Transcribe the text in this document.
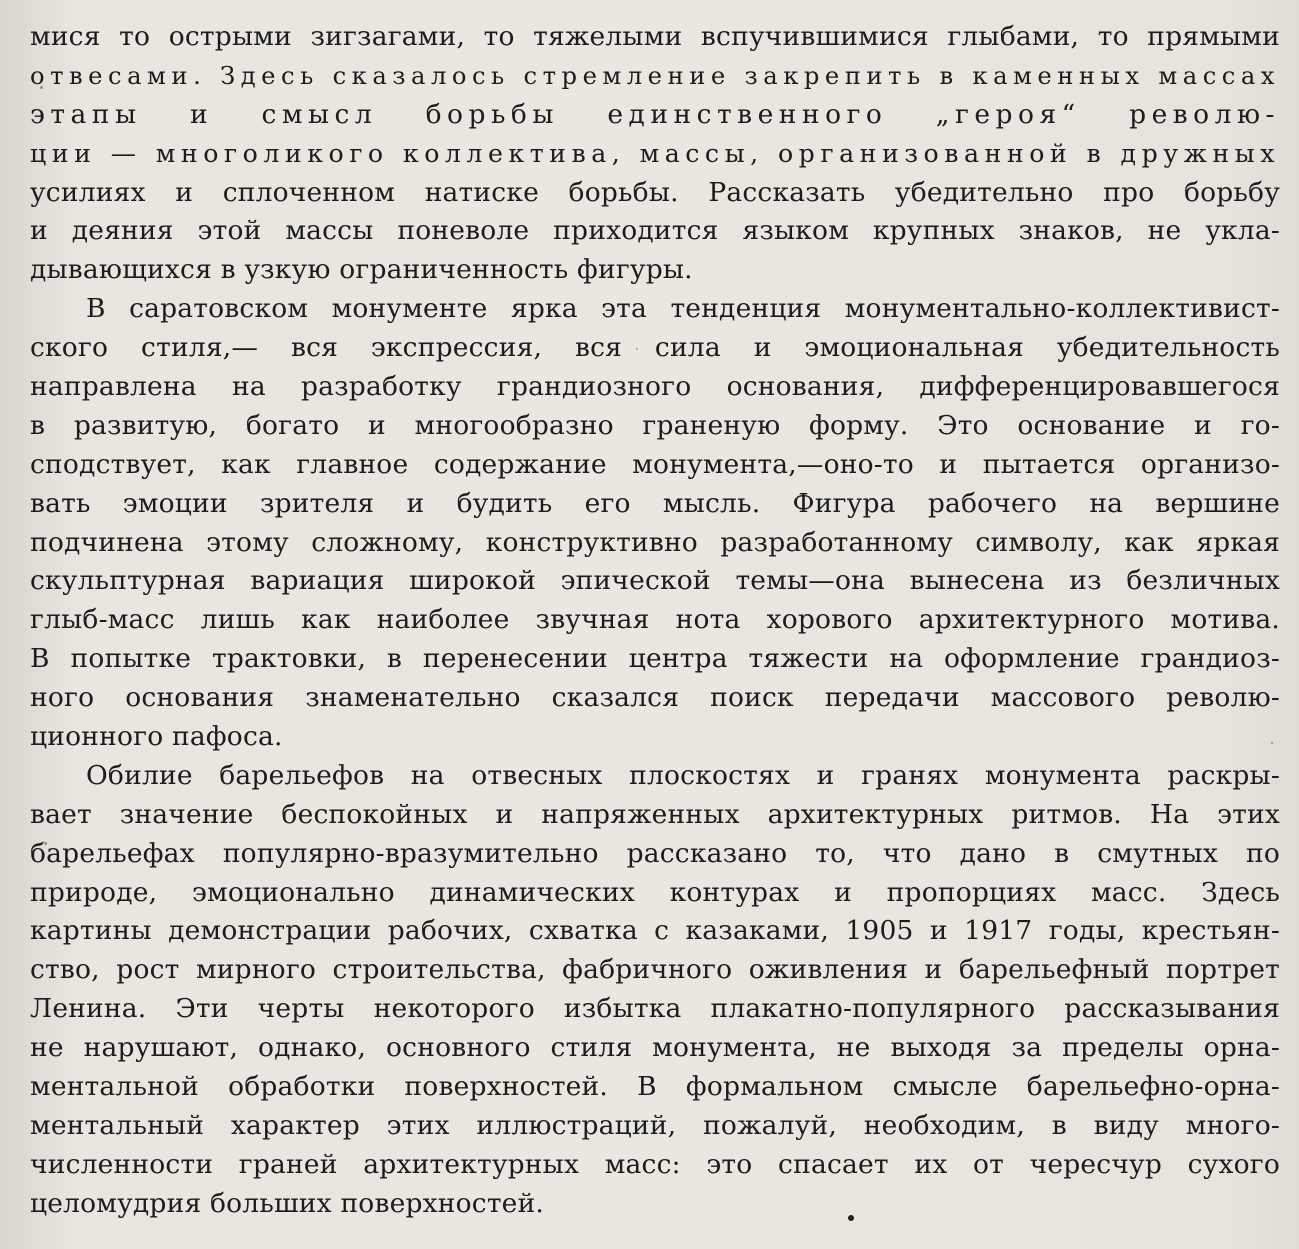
мися то острыми зигзагами, то тяжелыми вспучившимися глыбами, то прямыми
отвесами. Здесь сказалось стремление закрепить в каменных массах
этапы и смысл борьбы единственного „героя“ револю-
ции — многоликого коллектива, массы, организованной в дружных
усилиях и сплоченном натиске борьбы. Рассказать убедительно про борьбу
и деяния этой массы поневоле приходится языком крупных знаков, не укла-
дывающихся в узкую ограниченность фигуры.
В саратовском монументе ярка эта тенденция монументально-коллективист-
ского стиля,— вся экспрессия, вся сила и эмоциональная убедительность
направлена на разработку грандиозного основания, дифференцировавшегося
в развитую, богато и многообразно граненую форму. Это основание и го-
сподствует, как главное содержание монумента,—оно-то и пытается организо-
вать эмоции зрителя и будить его мысль. Фигура рабочего на вершине
подчинена этому сложному, конструктивно разработанному символу, как яркая
скульптурная вариация широкой эпической темы—она вынесена из безличных
глыб-масс лишь как наиболее звучная нота хорового архитектурного мотива.
В попытке трактовки, в перенесении центра тяжести на оформление грандиоз-
ного основания знаменательно сказался поиск передачи массового револю-
ционного пафоса.
Обилие барельефов на отвесных плоскостях и гранях монумента раскры-
вает значение беспокойных и напряженных архитектурных ритмов. На этих
барельефах популярно-вразумительно рассказано то, что дано в смутных по
природе, эмоционально динамических контурах и пропорциях масс. Здесь
картины демонстрации рабочих, схватка с казаками, 1905 и 1917 годы, крестьян-
ство, рост мирного строительства, фабричного оживления и барельефный портрет
Ленина. Эти черты некоторого избытка плакатно-популярного рассказывания
не нарушают, однако, основного стиля монумента, не выходя за пределы орна-
ментальной обработки поверхностей. В формальном смысле барельефно-орна-
ментальный характер этих иллюстраций, пожалуй, необходим, в виду много-
численности граней архитектурных масс: это спасает их от чересчур сухого
целомудрия больших поверхностей.
